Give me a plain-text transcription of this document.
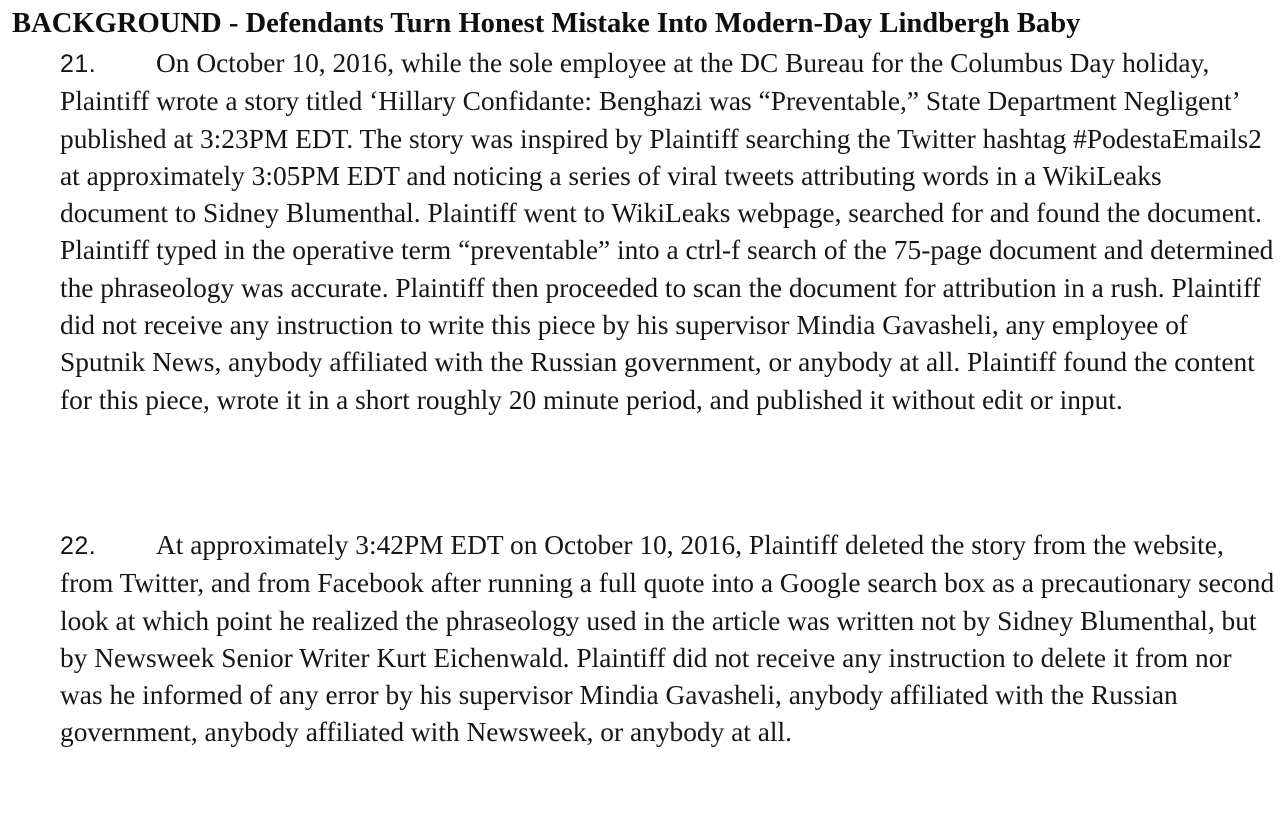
BACKGROUND - Defendants Turn Honest Mistake Into Modern-Day Lindbergh Baby

21. On October 10, 2016, while the sole employee at the DC Bureau for the Columbus Day holiday, Plaintiff wrote a story titled ‘Hillary Confidante: Benghazi was “Preventable,” State Department Negligent’ published at 3:23PM EDT. The story was inspired by Plaintiff searching the Twitter hashtag #PodestaEmails2 at approximately 3:05PM EDT and noticing a series of viral tweets attributing words in a WikiLeaks document to Sidney Blumenthal. Plaintiff went to WikiLeaks webpage, searched for and found the document. Plaintiff typed in the operative term “preventable” into a ctrl-f search of the 75-page document and determined the phraseology was accurate. Plaintiff then proceeded to scan the document for attribution in a rush. Plaintiff did not receive any instruction to write this piece by his supervisor Mindia Gavasheli, any employee of Sputnik News, anybody affiliated with the Russian government, or anybody at all. Plaintiff found the content for this piece, wrote it in a short roughly 20 minute period, and published it without edit or input.

22. At approximately 3:42PM EDT on October 10, 2016, Plaintiff deleted the story from the website, from Twitter, and from Facebook after running a full quote into a Google search box as a precautionary second look at which point he realized the phraseology used in the article was written not by Sidney Blumenthal, but by Newsweek Senior Writer Kurt Eichenwald. Plaintiff did not receive any instruction to delete it from nor was he informed of any error by his supervisor Mindia Gavasheli, anybody affiliated with the Russian government, anybody affiliated with Newsweek, or anybody at all.
